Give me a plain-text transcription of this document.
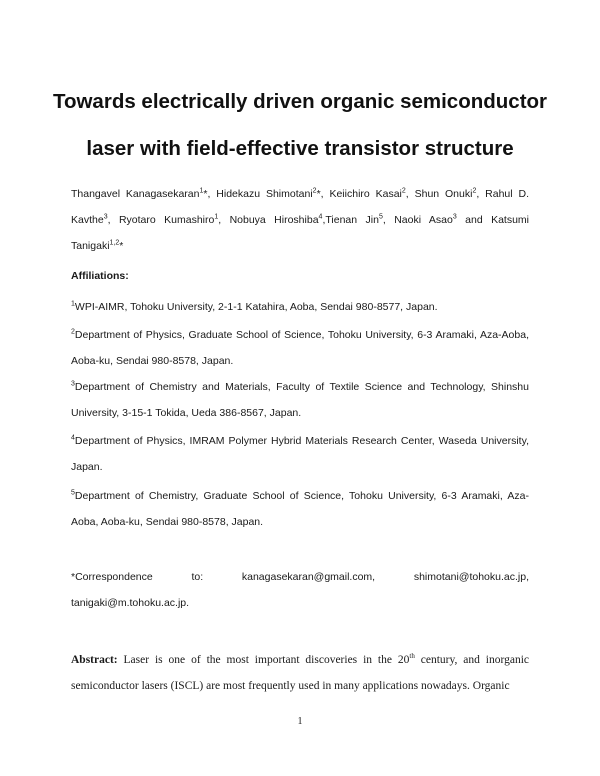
Towards electrically driven organic semiconductor
laser with field-effective transistor structure
Thangavel Kanagasekaran$^1$*, Hidekazu Shimotani$^2$*, Keiichiro Kasai$^2$, Shun Onuki$^2$, Rahul D. Kavthe$^3$, Ryotaro Kumashiro$^1$, Nobuya Hiroshiba$^4$,Tienan Jin$^5$, Naoki Asao$^3$ and Katsumi Tanigaki$^{1,2}$*
Affiliations:
$^1$WPI-AIMR, Tohoku University, 2-1-1 Katahira, Aoba, Sendai 980-8577, Japan.
$^2$Department of Physics, Graduate School of Science, Tohoku University, 6-3 Aramaki, Aza-Aoba, Aoba-ku, Sendai 980-8578, Japan.
$^3$Department of Chemistry and Materials, Faculty of Textile Science and Technology, Shinshu University, 3-15-1 Tokida, Ueda 386-8567, Japan.
$^4$Department of Physics, IMRAM Polymer Hybrid Materials Research Center, Waseda University, Japan.
$^5$Department of Chemistry, Graduate School of Science, Tohoku University, 6-3 Aramaki, Aza-Aoba, Aoba-ku, Sendai 980-8578, Japan.
*Correspondence	to:	kanagasekaran@gmail.com,	shimotani@tohoku.ac.jp,
tanigaki@m.tohoku.ac.jp.
Abstract: Laser is one of the most important discoveries in the 20th century, and inorganic semiconductor lasers (ISCL) are most frequently used in many applications nowadays. Organic
1
